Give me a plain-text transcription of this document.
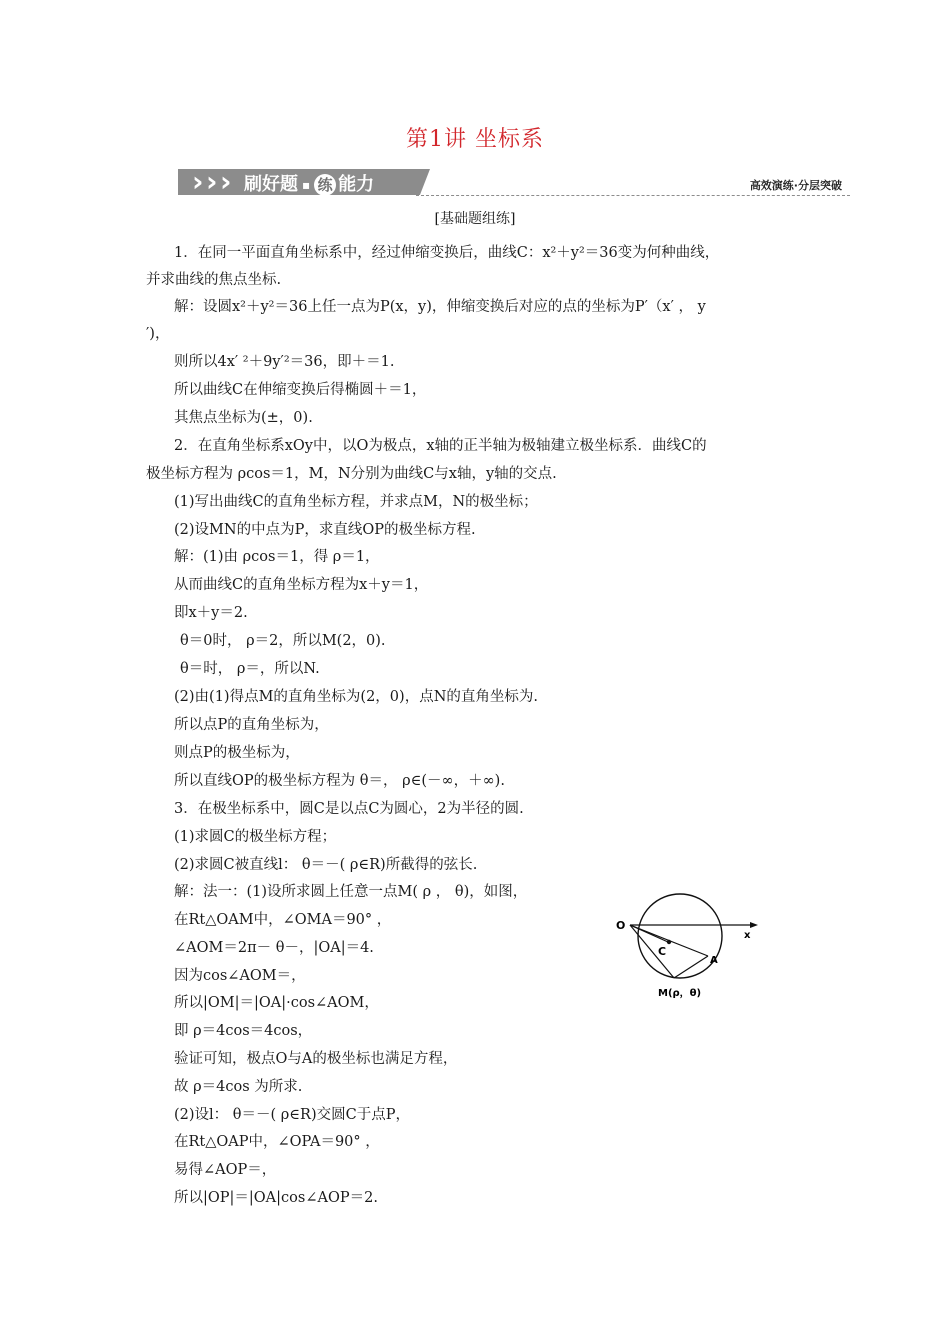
第1讲 坐标系
› › › 刷好题 ▪ 练 能力	高效演练·分层突破
[基础题组练]
1．在同一平面直角坐标系中，经过伸缩变换后，曲线C：x²＋y²＝36变为何种曲线，
并求曲线的焦点坐标.
解：设圆x²＋y²＝36上任一点为P(x，y)，伸缩变换后对应的点的坐标为P′（x′ ， y
′)，
则所以4x′ ²＋9y′²＝36，即＋＝1.
所以曲线C在伸缩变换后得椭圆＋＝1，
其焦点坐标为(±，0).
2．在直角坐标系xOy中，以O为极点，x轴的正半轴为极轴建立极坐标系．曲线C的
极坐标方程为 ρcos＝1，M，N分别为曲线C与x轴，y轴的交点.
(1)写出曲线C的直角坐标方程，并求点M，N的极坐标；
(2)设MN的中点为P，求直线OP的极坐标方程.
解：(1)由 ρcos＝1，得 ρ＝1，
从而曲线C的直角坐标方程为x＋y＝1，
即x＋y＝2.
θ＝0时， ρ＝2，所以M(2，0).
θ＝时， ρ＝，所以N.
(2)由(1)得点M的直角坐标为(2，0)，点N的直角坐标为.
所以点P的直角坐标为，
则点P的极坐标为，
所以直线OP的极坐标方程为 θ＝， ρ∈(－∞，＋∞).
3．在极坐标系中，圆C是以点C为圆心，2为半径的圆.
(1)求圆C的极坐标方程；
(2)求圆C被直线l： θ＝－( ρ∈R)所截得的弦长.
解：法一：(1)设所求圆上任意一点M( ρ ， θ)，如图，
在Rt△OAM中，∠OMA＝90° ，
∠AOM＝2π－ θ－，|OA|＝4.
因为cos∠AOM＝，
所以|OM|＝|OA|·cos∠AOM，
即 ρ＝4cos＝4cos，
验证可知，极点O与A的极坐标也满足方程，
故 ρ＝4cos 为所求.
(2)设l： θ＝－( ρ∈R)交圆C于点P，
在Rt△OAP中，∠OPA＝90° ，
易得∠AOP＝，
所以|OP|＝|OA|cos∠AOP＝2.
O
x
C
A
M(ρ，θ)
